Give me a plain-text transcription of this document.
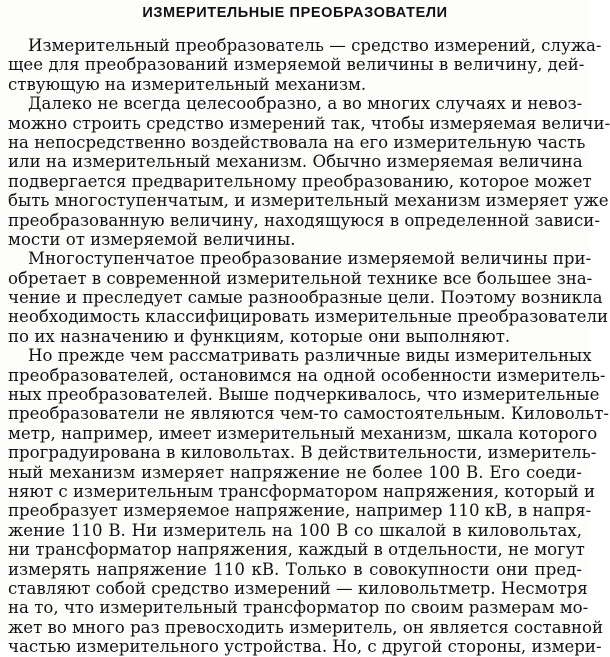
ИЗМЕРИТЕЛЬНЫЕ ПРЕОБРАЗОВАТЕЛИ
Измерительный преобразователь — средство измерений, служа-
щее для преобразований измеряемой величины в величину, дей-
ствующую на измерительный механизм.
Далеко не всегда целесообразно, а во многих случаях и невоз-
можно строить средство измерений так, чтобы измеряемая величи-
на непосредственно воздействовала на его измерительную часть
или на измерительный механизм. Обычно измеряемая величина
подвергается предварительному преобразованию, которое может
быть многоступенчатым, и измерительный механизм измеряет уже
преобразованную величину, находящуюся в определенной зависи-
мости от измеряемой величины.
Многоступенчатое преобразование измеряемой величины при-
обретает в современной измерительной технике все большее зна-
чение и преследует самые разнообразные цели. Поэтому возникла
необходимость классифицировать измерительные преобразователи
по их назначению и функциям, которые они выполняют.
Но прежде чем рассматривать различные виды измерительных
преобразователей, остановимся на одной особенности измеритель-
ных преобразователей. Выше подчеркивалось, что измерительные
преобразователи не являются чем-то самостоятельным. Киловольт-
метр, например, имеет измерительный механизм, шкала которого
проградуирована в киловольтах. В действительности, измеритель-
ный механизм измеряет напряжение не более 100 В. Его соеди-
няют с измерительным трансформатором напряжения, который и
преобразует измеряемое напряжение, например 110 кВ, в напря-
жение 110 В. Ни измеритель на 100 В со шкалой в киловольтах,
ни трансформатор напряжения, каждый в отдельности, не могут
измерять напряжение 110 кВ. Только в совокупности они пред-
ставляют собой средство измерений — киловольтметр. Несмотря
на то, что измерительный трансформатор по своим размерам мо-
жет во много раз превосходить измеритель, он является составной
частью измерительного устройства. Но, с другой стороны, измери-
